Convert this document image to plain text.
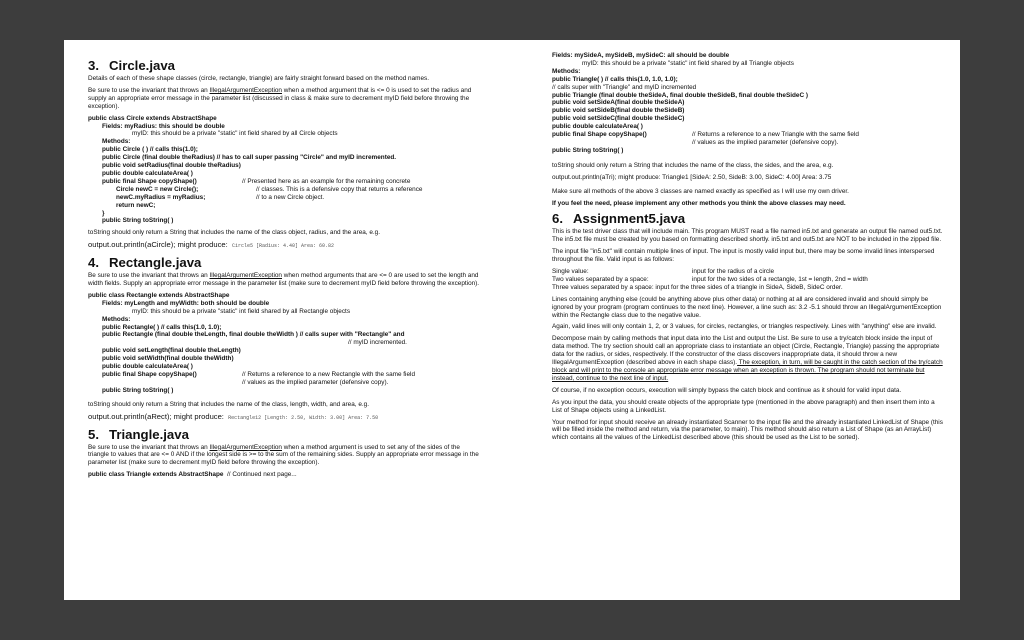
3. Circle.java

Details of each of these shape classes (circle, rectangle, triangle) are fairly straight forward based on the method names.

Be sure to use the invariant that throws an IllegalArgumentException when a method argument that is <= 0 is used to set the radius and supply an appropriate error message in the parameter list (discussed in class & make sure to decrement myID field before throwing the exception).

public class Circle extends AbstractShape
Fields: myRadius: this should be double
myID: this should be a private "static" int field shared by all Circle objects
Methods:
public Circle ( ) // calls this(1.0);
public Circle (final double theRadius) // has to call super passing "Circle" and myID incremented.
public void setRadius(final double theRadius)
public double calculateArea( )
public final Shape copyShape()	// Presented here as an example for the remaining concrete
Circle newC = new Circle();	// classes. This is a defensive copy that returns a reference
newC.myRadius = myRadius;	// to a new Circle object.
return newC;
}
public String toString( )

toString should only return a String that includes the name of the class object, radius, and the area, e.g.

output.out.println(aCircle); might produce: Circle5 [Radius: 4.40] Area: 60.82

4. Rectangle.java

Be sure to use the invariant that throws an IllegalArgumentException when method arguments that are <= 0 are used to set the length and width fields. Supply an appropriate error message in the parameter list (make sure to decrement myID field before throwing the exception).

public class Rectangle extends AbstractShape
Fields: myLength and myWidth: both should be double
myID: this should be a private "static" int field shared by all Rectangle objects
Methods:
public Rectangle( ) // calls this(1.0, 1.0);
public Rectangle (final double theLength, final double theWidth ) // calls super with "Rectangle" and
// myID incremented.
public void setLength(final double theLength)
public void setWidth(final double theWidth)
public double calculateArea( )
public final Shape copyShape()	// Returns a reference to a new Rectangle with the same field
// values as the implied parameter (defensive copy).
public String toString( )

toString should only return a String that includes the name of the class, length, width, and area, e.g.

output.out.println(aRect); might produce: Rectangle12 [Length: 2.50, Width: 3.00] Area: 7.50

5. Triangle.java

Be sure to use the invariant that throws an IllegalArgumentException when a method argument is used to set any of the sides of the triangle to values that are <= 0 AND if the longest side is >= to the sum of the remaining sides. Supply an appropriate error message in the parameter list (make sure to decrement myID field before throwing the exception).

public class Triangle extends AbstractShape // Continued next page...
Fields: mySideA, mySideB, mySideC: all should be double
myID: this should be a private "static" int field shared by all Triangle objects
Methods:
public Triangle( ) // calls this(1.0, 1.0, 1.0);
// calls super with "Triangle" and myID incremented
public Triangle (final double theSideA, final double theSideB, final double theSideC )
public void setSideA(final double theSideA)
public void setSideB(final double theSideB)
public void setSideC(final double theSideC)
public double calculateArea( )
public final Shape copyShape()	// Returns a reference to a new Triangle with the same field
// values as the implied parameter (defensive copy).
public String toString( )

toString should only return a String that includes the name of the class, the sides, and the area, e.g.

output.out.println(aTri); might produce: Triangle1 [SideA: 2.50, SideB: 3.00, SideC: 4.00] Area: 3.75

Make sure all methods of the above 3 classes are named exactly as specified as I will use my own driver.

If you feel the need, please implement any other methods you think the above classes may need.

6. Assignment5.java

This is the test driver class that will include main. This program MUST read a file named in5.txt and generate an output file named out5.txt. The in5.txt file must be created by you based on formatting described shortly. in5.txt and out5.txt are NOT to be included in the zipped file.

The input file "in5.txt" will contain multiple lines of input. The input is mostly valid input but, there may be some invalid lines interspersed throughout the file. Valid input is as follows:

Single value:	input for the radius of a circle
Two values separated by a space:	input for the two sides of a rectangle, 1st = length, 2nd = width

Three values separated by a space: input for the three sides of a triangle in SideA, SideB, SideC order.

Lines containing anything else (could be anything above plus other data) or nothing at all are considered invalid and should simply be ignored by your program (program continues to the next line). However, a line such as: 3.2 -5.1 should throw an IllegalArgumentException within the Rectangle class due to the negative value.

Again, valid lines will only contain 1, 2, or 3 values, for circles, rectangles, or triangles respectively. Lines with "anything" else are invalid.

Decompose main by calling methods that input data into the List and output the List. Be sure to use a try/catch block inside the input of data method. The try section should call an appropriate class to instantiate an object (Circle, Rectangle, Triangle) passing the appropriate data for the radius, or sides, respectively. If the constructor of the class discovers inappropriate data, it should throw a new IllegalArgumentException (described above in each shape class). The exception, in turn, will be caught in the catch section of the try/catch block and will print to the console an appropriate error message when an exception is thrown. The program should not terminate but instead, continue to the next line of input.

Of course, if no exception occurs, execution will simply bypass the catch block and continue as it should for valid input data.

As you input the data, you should create objects of the appropriate type (mentioned in the above paragraph) and then insert them into a List of Shape objects using a LinkedList.

Your method for input should receive an already instantiated Scanner to the input file and the already instantiated LinkedList of Shape (this will be filled inside the method and return, via the parameter, to main). This method should also return a List of Shape (as an ArrayList) which contains all the values of the LinkedList described above (this should be used as the List to be sorted).
